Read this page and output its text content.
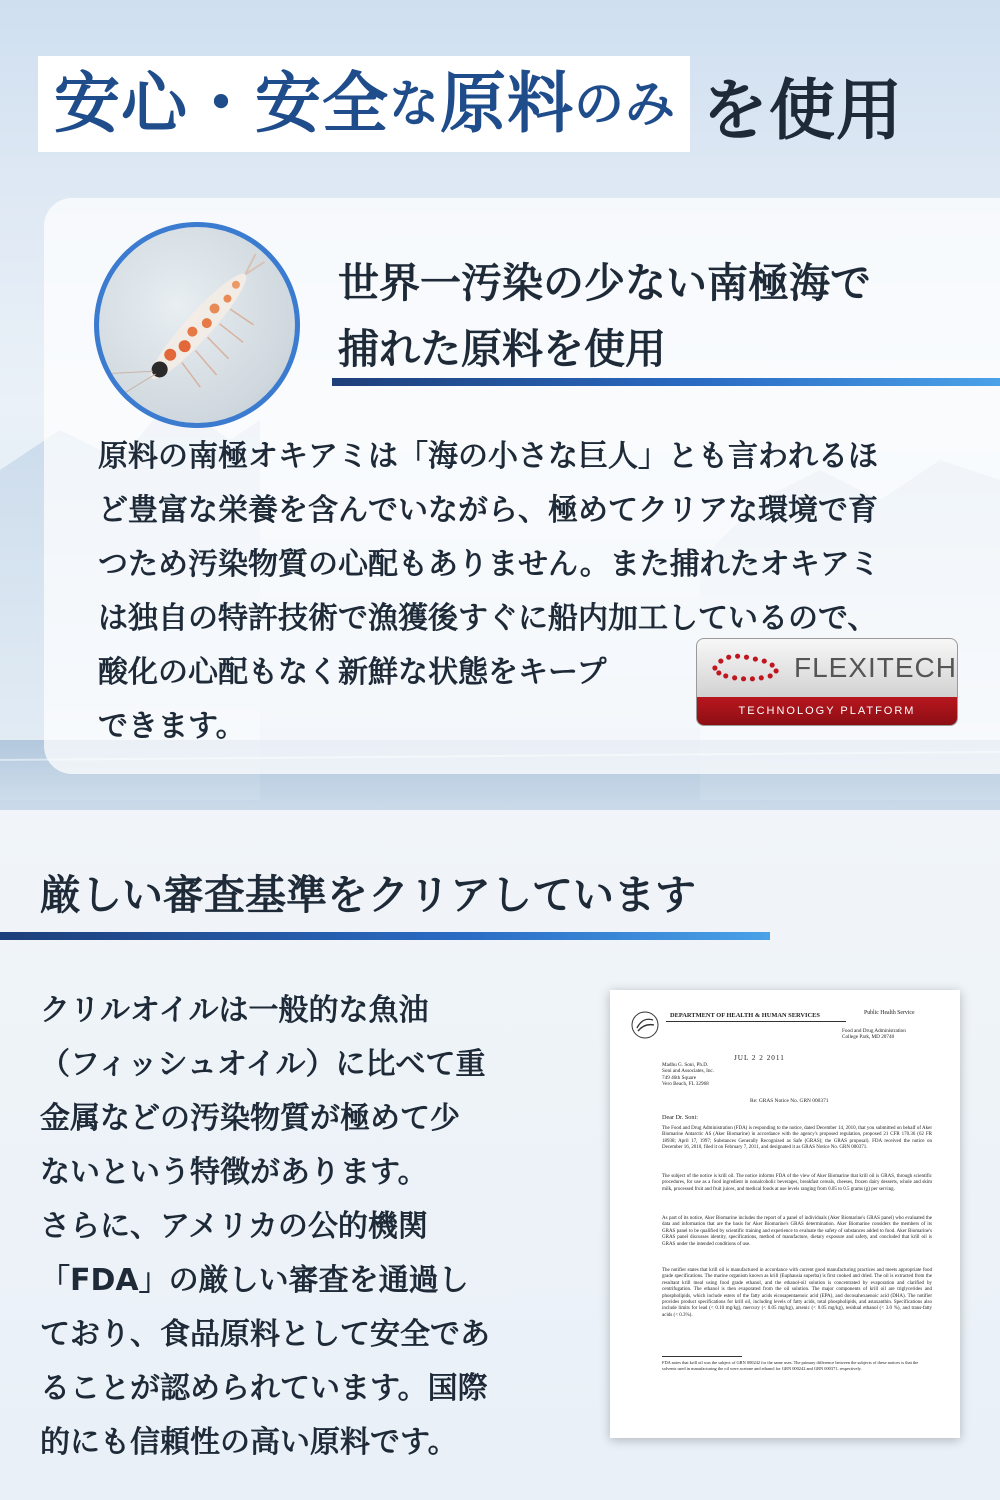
安心・安全 な 原料 のみ を使用
世界一汚染の少ない南極海で
捕れた原料を使用

原料の南極オキアミは「海の小さな巨人」とも言われるほ

ど豊富な栄養を含んでいながら、極めてクリアな環境で育

つため汚染物質の心配もありません。また捕れたオキアミ

は独自の特許技術で漁獲後すぐに船内加工しているので、

酸化の心配もなく新鮮な状態をキープ

できます。

FLEXITECH
TECHNOLOGY PLATFORM
厳しい審査基準をクリアしています

クリルオイルは一般的な魚油

（フィッシュオイル）に比べて重

金属などの汚染物質が極めて少

ないという特徴があります。

さらに、アメリカの公的機関

「FDA」の厳しい審査を通過し

ており、食品原料として安全であ

ることが認められています。国際

的にも信頼性の高い原料です。

DEPARTMENT OF HEALTH & HUMAN SERVICES	Public Health Service
Food and Drug Administration
College Park, MD 20740
JUL 2 2 2011
Madhu G. Soni, Ph.D.
Soni and Associates, Inc.
749 46th Square
Vero Beach, FL 32968
Re: GRAS Notice No. GRN 000371
Dear Dr. Soni:
The Food and Drug Administration (FDA) is responding to the notice, dated December 14, 2010, that you submitted on behalf of Aker Biomarine Antarctic AS (Aker Biomarine) in accordance with the agency's proposed regulation, proposed 21 CFR 170.36 (62 FR 18938; April 17, 1997; Substances Generally Recognized as Safe (GRAS); the GRAS proposal). FDA received the notice on December 16, 2010, filed it on February 7, 2011, and designated it as GRAS Notice No. GRN 000371.
The subject of the notice is krill oil. The notice informs FDA of the view of Aker Biomarine that krill oil is GRAS, through scientific procedures, for use as a food ingredient in nonalcoholic beverages, breakfast cereals, cheeses, frozen dairy desserts, whole and skim milk, processed fruit and fruit juices, and medical foods at use levels ranging from 0.05 to 0.5 grams (g) per serving.
As part of its notice, Aker Biomarine includes the report of a panel of individuals (Aker Biomarine's GRAS panel) who evaluated the data and information that are the basis for Aker Biomarine's GRAS determination. Aker Biomarine considers the members of its GRAS panel to be qualified by scientific training and experience to evaluate the safety of substances added to food. Aker Biomarine's GRAS panel discusses identity, specifications, method of manufacture, dietary exposure and safety, and concluded that krill oil is GRAS under the intended conditions of use.
The notifier states that krill oil is manufactured in accordance with current good manufacturing practices and meets appropriate food grade specifications. The marine organism known as krill (Euphausia superba) is first cooked and dried. The oil is extracted from the resultant krill meal using food grade ethanol, and the ethanol-oil solution is concentrated by evaporation and clarified by centrifugation. The ethanol is then evaporated from the oil solution. The major components of krill oil are triglycerides and phospholipids, which include esters of the fatty acids eicosapentaenoic acid (EPA), and docosahexaenoic acid (DHA). The notifier provides product specifications for krill oil, including levels of fatty acids, total phospholipids, and astaxanthin. Specifications also include limits for lead (< 0.10 mg/kg), mercury (< 0.05 mg/kg), arsenic (< 0.05 mg/kg), residual ethanol (< 3.0 %), and trans-fatty acids (< 0.3%).
FDA notes that krill oil was the subject of GRN 000242 for the same uses. The primary difference between the subjects of these notices is that the solvents used in manufacturing the oil were acetone and ethanol for GRN 000242 and GRN 000371, respectively.
